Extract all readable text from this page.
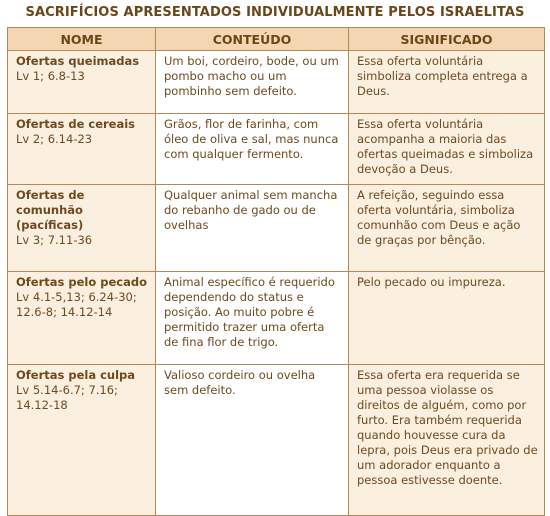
SACRIFÍCIOS APRESENTADOS INDIVIDUALMENTE PELOS ISRAELITAS
NOME	CONTEÚDO	SIGNIFICADO

Ofertas queimadas
Lv 1; 6.8-13	Um boi, cordeiro, bode, ou um pombo macho ou um pombinho sem defeito.	Essa oferta voluntária simboliza completa entrega a Deus.

Ofertas de cereais
Lv 2; 6.14-23	Grãos, flor de farinha, com óleo de oliva e sal, mas nunca com qualquer fermento.	Essa oferta voluntária acompanha a maioria das ofertas queimadas e simboliza devoção a Deus.

Ofertas de comunhão (pacíficas)
Lv 3; 7.11-36	Qualquer animal sem mancha do rebanho de gado ou de ovelhas	A refeição, seguindo essa oferta voluntária, simboliza comunhão com Deus e ação de graças por bênção.

Ofertas pelo pecado
Lv 4.1-5,13; 6.24-30; 12.6-8; 14.12-14	Animal específico é requerido dependendo do status e posição. Ao muito pobre é permitido trazer uma oferta de fina flor de trigo.	Pelo pecado ou impureza.

Ofertas pela culpa
Lv 5.14-6.7; 7.16; 14.12-18	Valioso cordeiro ou ovelha sem defeito.	Essa oferta era requerida se uma pessoa violasse os direitos de alguém, como por furto. Era também requerida quando houvesse cura da lepra, pois Deus era privado de um adorador enquanto a pessoa estivesse doente.
